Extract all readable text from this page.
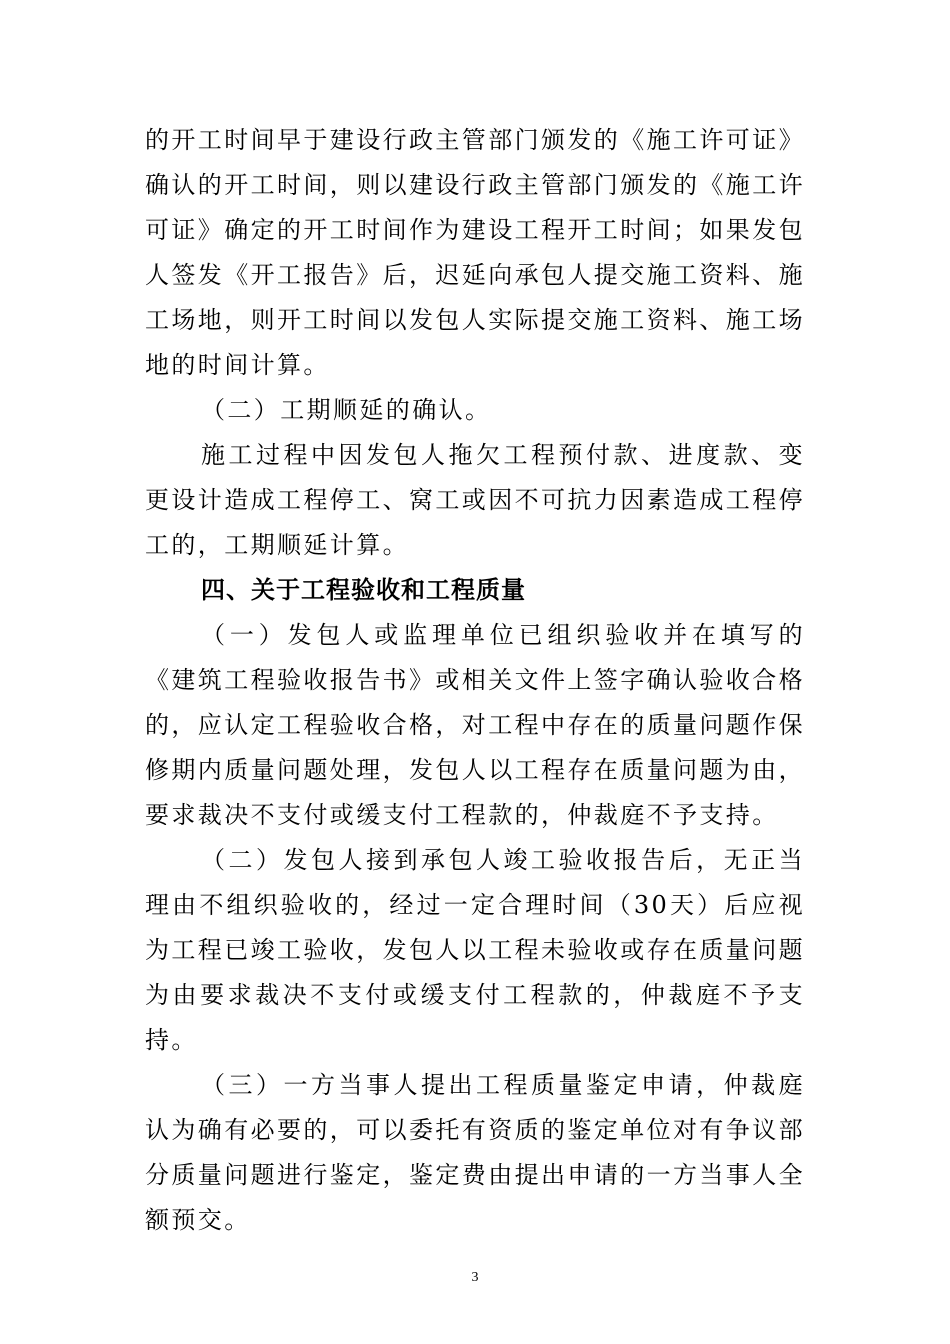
的开工时间早于建设行政主管部门颁发的《施工许可证》确认的开工时间，则以建设行政主管部门颁发的《施工许可证》确定的开工时间作为建设工程开工时间；如果发包人签发《开工报告》后，迟延向承包人提交施工资料、施工场地，则开工时间以发包人实际提交施工资料、施工场地的时间计算。

（二）工期顺延的确认。

施工过程中因发包人拖欠工程预付款、进度款、变更设计造成工程停工、窝工或因不可抗力因素造成工程停工的，工期顺延计算。

四、关于工程验收和工程质量

（一）发包人或监理单位已组织验收并在填写的《建筑工程验收报告书》或相关文件上签字确认验收合格的，应认定工程验收合格，对工程中存在的质量问题作保修期内质量问题处理，发包人以工程存在质量问题为由，要求裁决不支付或缓支付工程款的，仲裁庭不予支持。

（二）发包人接到承包人竣工验收报告后，无正当理由不组织验收的，经过一定合理时间（30天）后应视为工程已竣工验收，发包人以工程未验收或存在质量问题为由要求裁决不支付或缓支付工程款的，仲裁庭不予支持。

（三）一方当事人提出工程质量鉴定申请，仲裁庭认为确有必要的，可以委托有资质的鉴定单位对有争议部分质量问题进行鉴定，鉴定费由提出申请的一方当事人全额预交。

3
